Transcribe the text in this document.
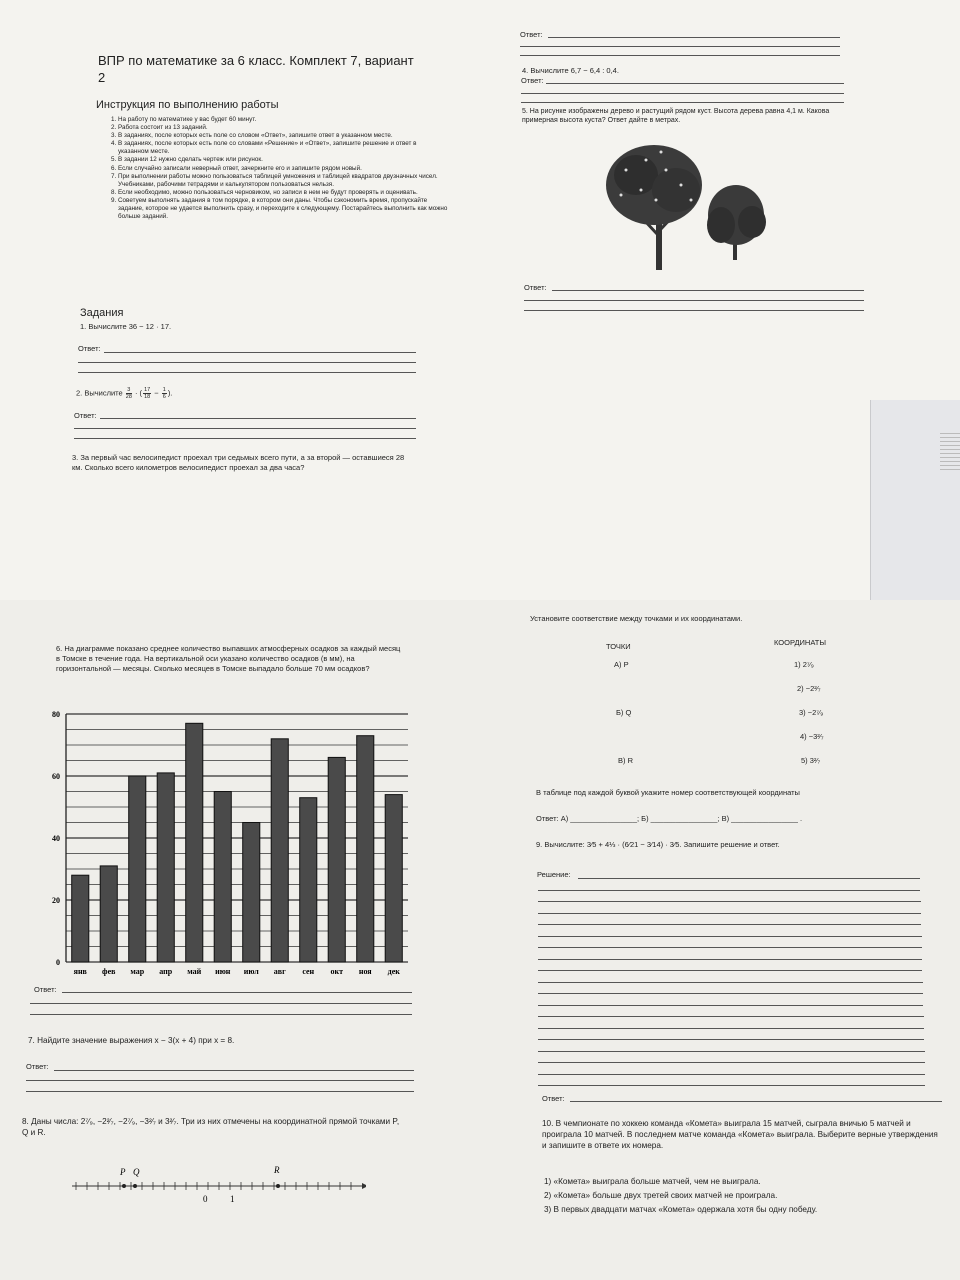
ВПР по математике за 6 класс. Комплект 7, вариант 2
Инструкция по выполнению работы
1. На работу по математике у вас будет 60 минут.
2. Работа состоит из 13 заданий.
3. В заданиях, после которых есть поле со словом «Ответ», запишите ответ в указанном месте.
4. В заданиях, после которых есть поле со словами «Решение» и «Ответ», запишите решение и ответ в указанном месте.
5. В задании 12 нужно сделать чертеж или рисунок.
6. Если случайно записали неверный ответ, зачеркните его и запишите рядом новый.
7. При выполнении работы можно пользоваться таблицей умножения и таблицей квадратов двузначных чисел. Учебниками, рабочими тетрадями и калькулятором пользоваться нельзя.
8. Если необходимо, можно пользоваться черновиком, но записи в нем не будут проверять и оценивать.
9. Советуем выполнять задания в том порядке, в котором они даны. Чтобы сэкономить время, пропускайте задание, которое не удается выполнить сразу, и переходите к следующему. Постарайтесь выполнить как можно больше заданий.
Задания
1. Вычислите 36 − 12 · 17.
Ответ:
2. Вычислите $\frac{3}{28}$ · ( $\frac{17}{18} - \frac{1}{6}$ ).
Ответ:
3. За первый час велосипедист проехал три седьмых всего пути, а за второй — оставшиеся 28 км. Сколько всего километров велосипедист проехал за два часа?
Ответ:
4. Вычислите 6,7 − 6,4 : 0,4.
Ответ:
5. На рисунке изображены дерево и растущий рядом куст. Высота дерева равна 4,1 м. Какова примерная высота куста? Ответ дайте в метрах.
Ответ:
6. На диаграмме показано среднее количество выпавших атмосферных осадков за каждый месяц в Томске в течение года. На вертикальной оси указано количество осадков (в мм), на горизонтальной — месяцы. Сколько месяцев в Томске выпадало больше 70 мм осадков?
0
20
40
60
80
янв фев мар апр май июн июл авг сен окт ноя дек
Ответ:
7. Найдите значение выражения x − 3(x + 4) при x = 8.
Ответ:
8. Даны числа: 2⁷⁄₉, −2²⁄₇, −2⁷⁄₉, −3²⁄₇ и 3²⁄₇. Три из них отмечены на координатной прямой точками P, Q и R.
P Q	R
0	1
Установите соответствие между точками и их координатами.
ТОЧКИ	КООРДИНАТЫ
А) P
Б) Q
В) R
1) 2⁷⁄₉
2) −2²⁄₇
3) −2⁷⁄₉
4) −3²⁄₇
5) 3²⁄₇
В таблице под каждой буквой укажите номер соответствующей координаты
Ответ: А) ________________; Б) ________________; В) ________________ .
9. Вычислите: 3⁄5 + 4⅓ · (6⁄21 − 3⁄14) · 3⁄5. Запишите решение и ответ.
Решение:
Ответ:
10. В чемпионате по хоккею команда «Комета» выиграла 15 матчей, сыграла вничью 5 матчей и проиграла 10 матчей. В последнем матче команда «Комета» выиграла. Выберите верные утверждения и запишите в ответе их номера.
1) «Комета» выиграла больше матчей, чем не выиграла.
2) «Комета» больше двух третей своих матчей не проиграла.
3) В первых двадцати матчах «Комета» одержала хотя бы одну победу.
